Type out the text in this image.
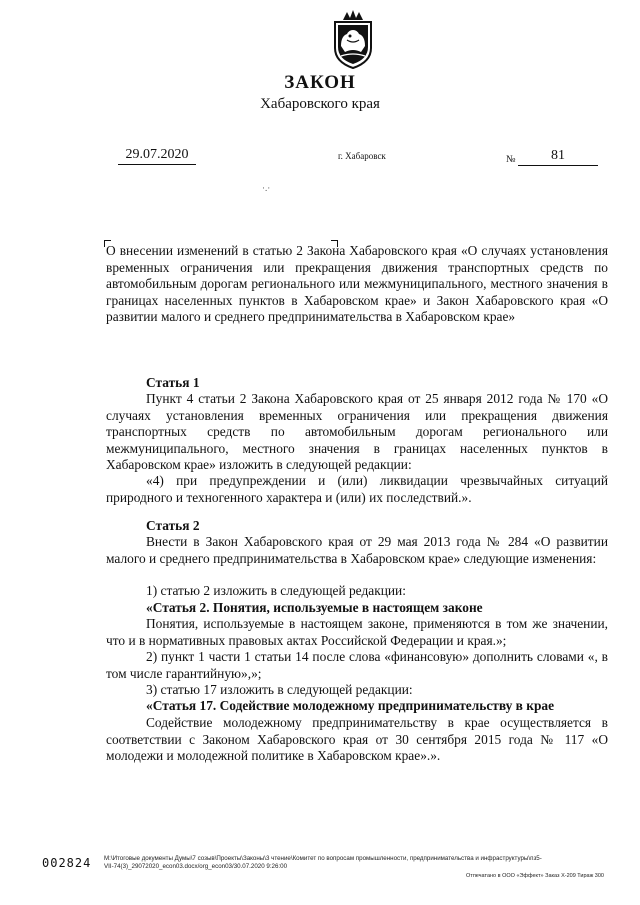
ЗАКОН
Хабаровского края
29.07.2020	г. Хабаровск	№	81
·.·

О внесении изменений в статью 2 Закона Хабаровского края «О случаях установления временных ограничения или прекращения движения транспортных средств по автомобильным дорогам регионального или межмуниципального, местного значения в границах населенных пунктов в Хабаровском крае» и Закон Хабаровского края «О развитии малого и среднего предпринимательства в Хабаровском крае»

Статья 1

Пункт 4 статьи 2 Закона Хабаровского края от 25 января 2012 года № 170 «О случаях установления временных ограничения или прекращения движения транспортных средств по автомобильным дорогам регионального или межмуниципального, местного значения в границах населенных пунктов в Хабаровском крае» изложить в следующей редакции:

«4) при предупреждении и (или) ликвидации чрезвычайных ситуаций природного и техногенного характера и (или) их последствий.».

Статья 2

Внести в Закон Хабаровского края от 29 мая 2013 года № 284 «О развитии малого и среднего предпринимательства в Хабаровском крае» следующие изменения:

1) статью 2 изложить в следующей редакции:

«Статья 2. Понятия, используемые в настоящем законе

Понятия, используемые в настоящем законе, применяются в том же значении, что и в нормативных правовых актах Российской Федерации и края.»;

2) пункт 1 части 1 статьи 14 после слова «финансовую» дополнить словами «, в том числе гарантийную»,»;

3) статью 17 изложить в следующей редакции:

«Статья 17. Содействие молодежному предпринимательству в крае

Содействие молодежному предпринимательству в крае осуществляется в соответствии с Законом Хабаровского края от 30 сентября 2015 года № 117 «О молодежи и молодежной политике в Хабаровском крае».».

002824 M:\Итоговые документы Думы\7 созыв\Проекты\Законы\3 чтение\Комитет по вопросам промышленности, предпринимательства и инфраструктуры\пз5-
VII-74(3)_29072020_econ03.docx/org_econ03/30.07.2020 9:26:00
Отпечатано в ООО «Эффект» Заказ Х-209 Тираж 300
